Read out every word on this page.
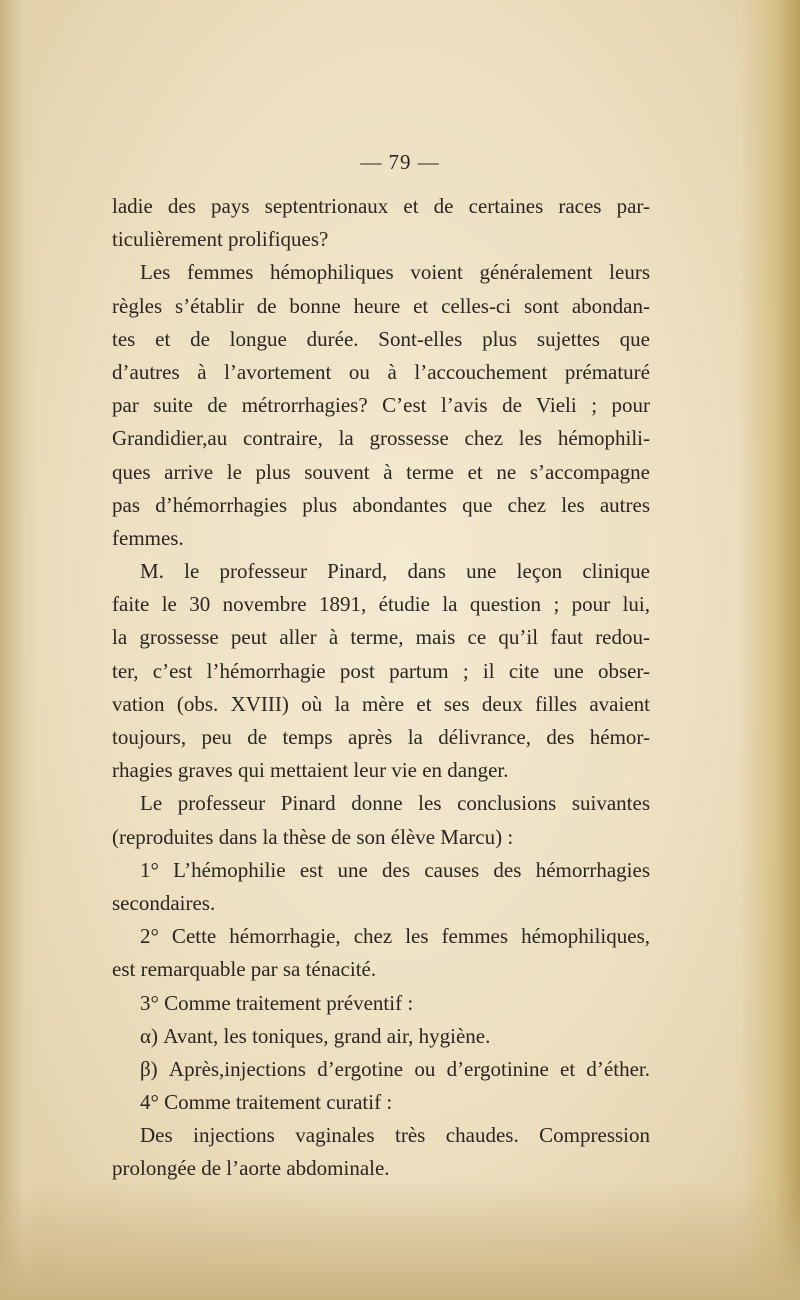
— 79 —
ladie des pays septentrionaux et de certaines races par-
ticulièrement prolifiques?
Les femmes hémophiliques voient généralement leurs
règles s’établir de bonne heure et celles-ci sont abondan-
tes et de longue durée. Sont-elles plus sujettes que
d’autres à l’avortement ou à l’accouchement prématuré
par suite de métrorrhagies? C’est l’avis de Vieli ; pour
Grandidier,au contraire, la grossesse chez les hémophili-
ques arrive le plus souvent à terme et ne s’accompagne
pas d’hémorrhagies plus abondantes que chez les autres
femmes.
M. le professeur Pinard, dans une leçon clinique
faite le 30 novembre 1891, étudie la question ; pour lui,
la grossesse peut aller à terme, mais ce qu’il faut redou-
ter, c’est l’hémorrhagie post partum ; il cite une obser-
vation (obs. XVIII) où la mère et ses deux filles avaient
toujours, peu de temps après la délivrance, des hémor-
rhagies graves qui mettaient leur vie en danger.
Le professeur Pinard donne les conclusions suivantes
(reproduites dans la thèse de son élève Marcu) :
1° L’hémophilie est une des causes des hémorrhagies
secondaires.
2° Cette hémorrhagie, chez les femmes hémophiliques,
est remarquable par sa ténacité.
3° Comme traitement préventif :
α) Avant, les toniques, grand air, hygiène.
β) Après,injections d’ergotine ou d’ergotinine et d’éther.
4° Comme traitement curatif :
Des injections vaginales très chaudes. Compression
prolongée de l’aorte abdominale.
